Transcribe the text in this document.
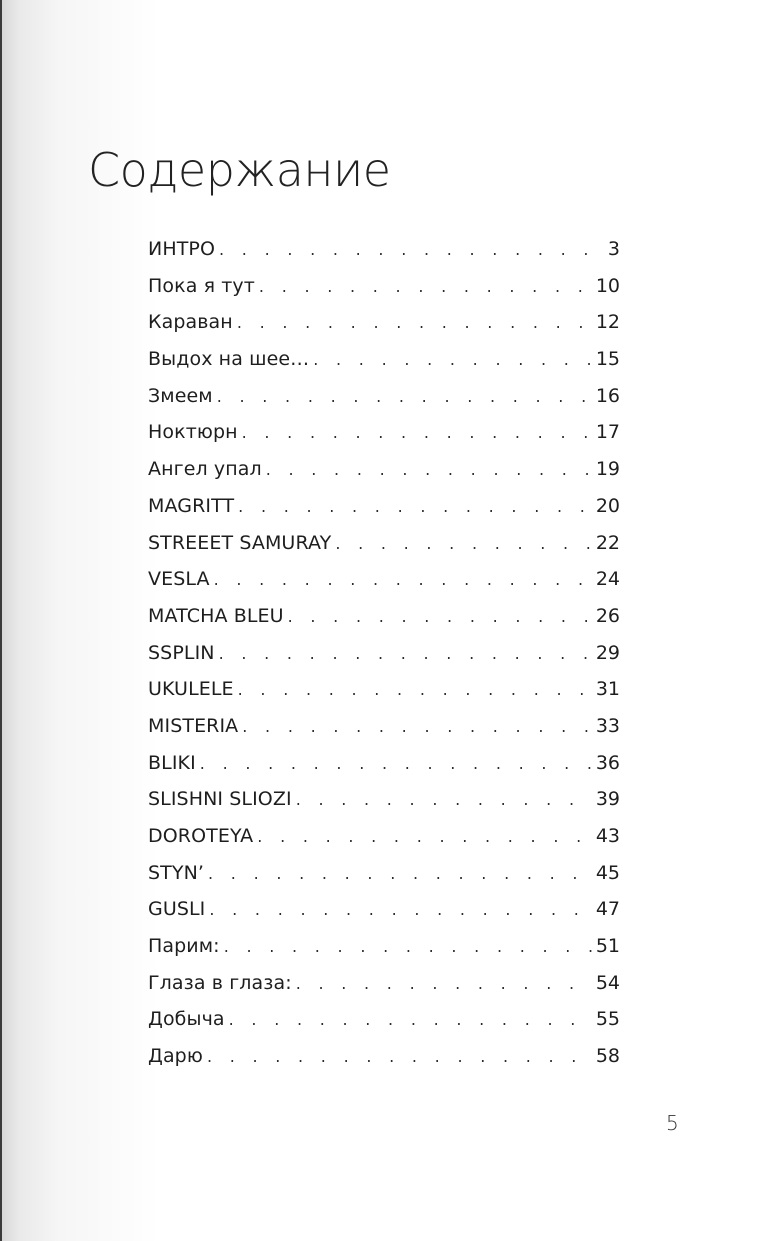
Содержание
ИНТРО . . .	3
Пока я тут . . .	10
Караван . . .	12
Выдох на шее… . . .	15
Змеем . . .	16
Ноктюрн . . .	17
Ангел упал . . .	19
MAGRITT . . .	20
STREEET SAMURAY . . .	22
VESLA . . .	24
MATCHA BLEU . . .	26
SSPLIN . . .	29
UKULELE . . .	31
MISTERIA . . .	33
BLIKI . . .	36
SLISHNI SLIOZI . . .	39
DOROTEYA . . .	43
STYN’ . . .	45
GUSLI . . .	47
Парим: . . .	51
Глаза в глаза: . . .	54
Добыча . . .	55
Дарю . . .	58
5
